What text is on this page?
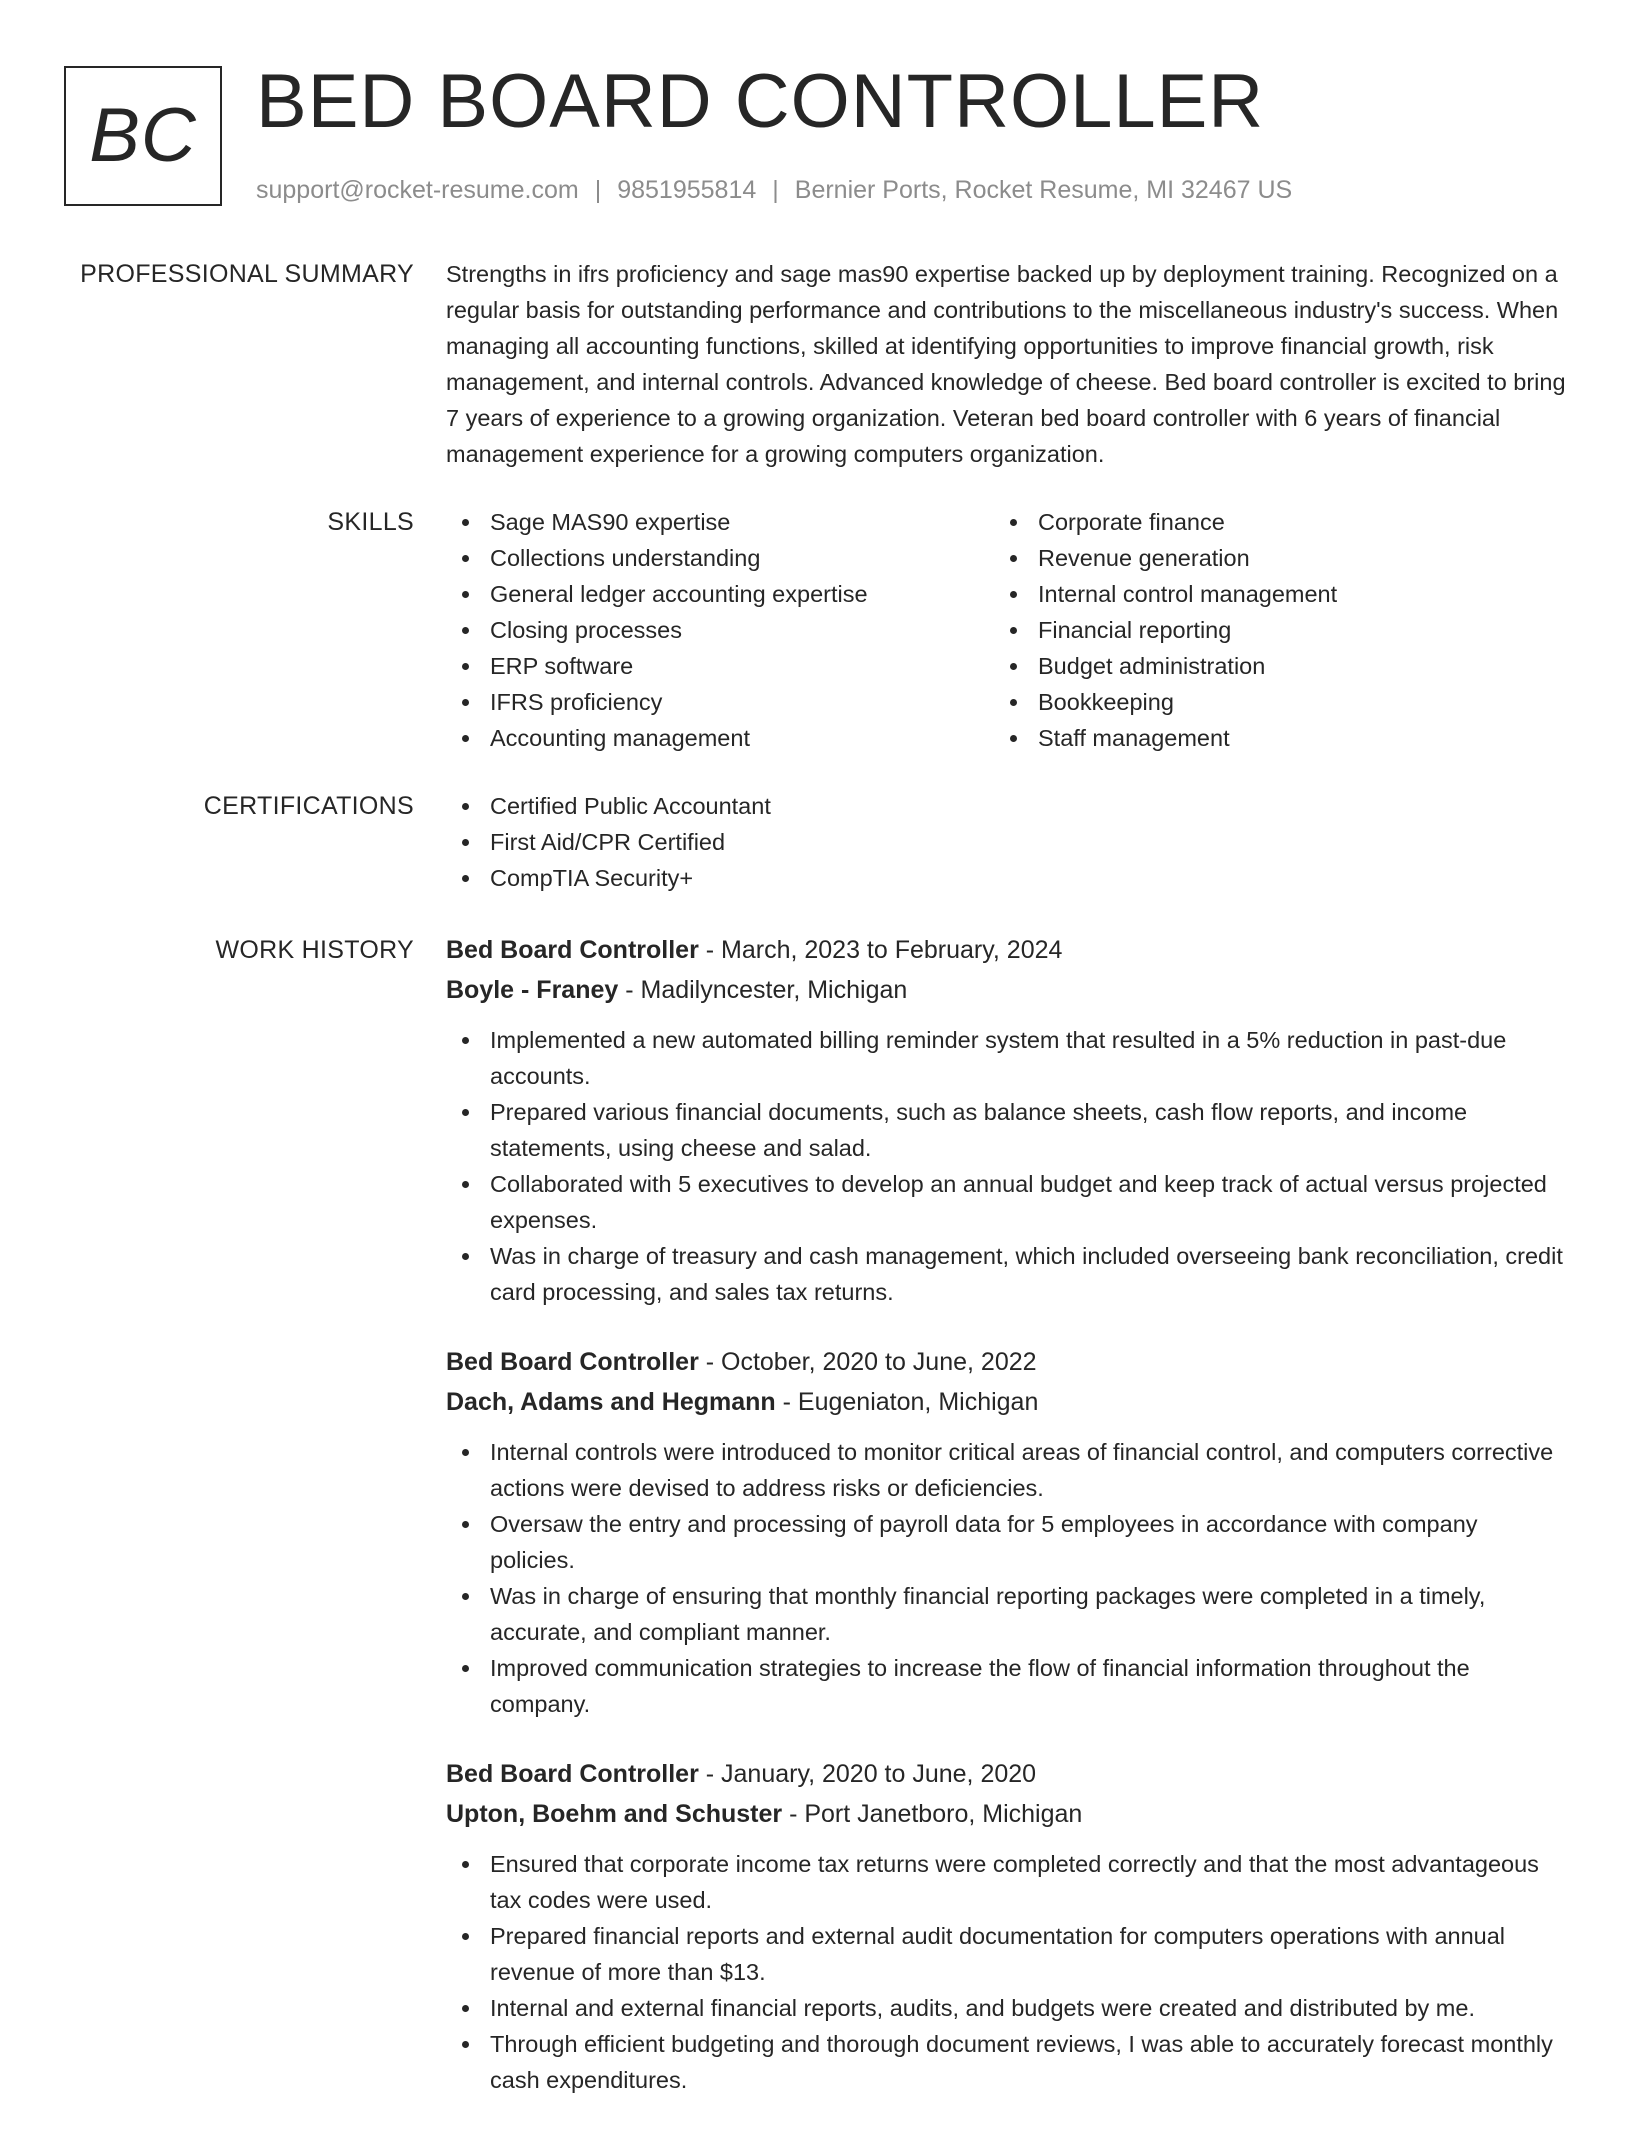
BC BED BOARD CONTROLLER
support@rocket-resume.com | 9851955814 | Bernier Ports, Rocket Resume, MI 32467 US
PROFESSIONAL SUMMARY Strengths in ifrs proficiency and sage mas90 expertise backed up by deployment training. Recognized on a regular basis for outstanding performance and contributions to the miscellaneous industry's success. When managing all accounting functions, skilled at identifying opportunities to improve financial growth, risk management, and internal controls. Advanced knowledge of cheese. Bed board controller is excited to bring 7 years of experience to a growing organization. Veteran bed board controller with 6 years of financial management experience for a growing computers organization.

SKILLS	Sage MAS90 expertise
Collections understanding
General ledger accounting expertise
Closing processes
ERP software
IFRS proficiency
Accounting management
Corporate finance
Revenue generation
Internal control management
Financial reporting
Budget administration
Bookkeeping
Staff management
CERTIFICATIONS	Certified Public Accountant
First Aid/CPR Certified
CompTIA Security+
WORK HISTORY Bed Board Controller - March, 2023 to February, 2024
Boyle - Franey - Madilyncester, Michigan
Implemented a new automated billing reminder system that resulted in a 5% reduction in past-due accounts.
Prepared various financial documents, such as balance sheets, cash flow reports, and income statements, using cheese and salad.
Collaborated with 5 executives to develop an annual budget and keep track of actual versus projected expenses.
Was in charge of treasury and cash management, which included overseeing bank reconciliation, credit card processing, and sales tax returns.
Bed Board Controller - October, 2020 to June, 2022
Dach, Adams and Hegmann - Eugeniaton, Michigan
Internal controls were introduced to monitor critical areas of financial control, and computers corrective actions were devised to address risks or deficiencies.
Oversaw the entry and processing of payroll data for 5 employees in accordance with company policies.
Was in charge of ensuring that monthly financial reporting packages were completed in a timely, accurate, and compliant manner.
Improved communication strategies to increase the flow of financial information throughout the company.
Bed Board Controller - January, 2020 to June, 2020
Upton, Boehm and Schuster - Port Janetboro, Michigan
Ensured that corporate income tax returns were completed correctly and that the most advantageous tax codes were used.
Prepared financial reports and external audit documentation for computers operations with annual revenue of more than $13.
Internal and external financial reports, audits, and budgets were created and distributed by me.
Through efficient budgeting and thorough document reviews, I was able to accurately forecast monthly cash expenditures.
